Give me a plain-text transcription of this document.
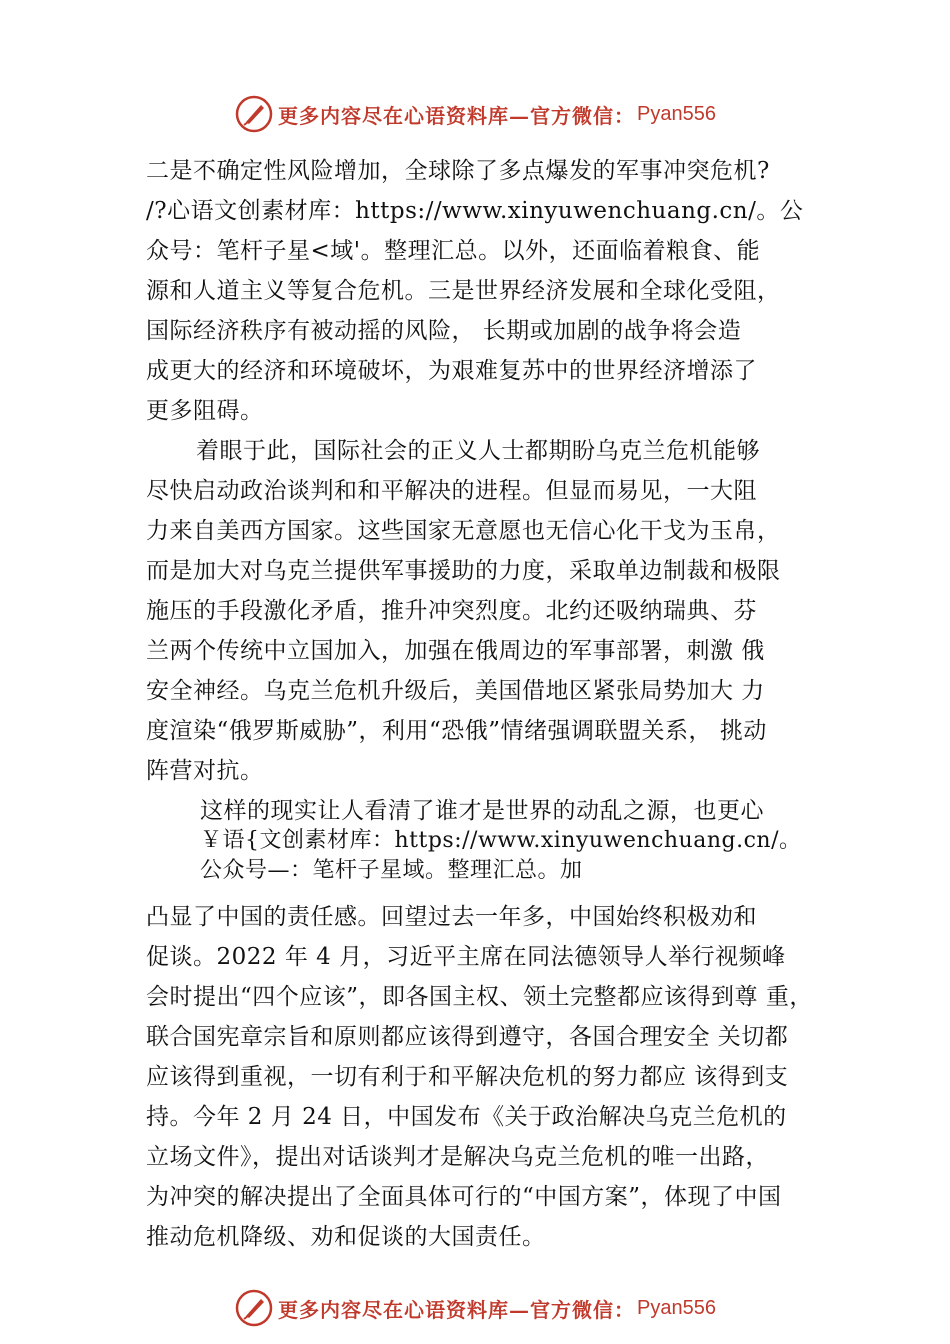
更多内容尽在心语资料库—官方微信： Pyan556
二是不确定性风险增加，全球除了多点爆发的军事冲突危机?
/?心语文创素材库：https://www.xinyuwenchuang.cn/。公
众号：笔杆子星<域'。整理汇总。以外，还面临着粮食、能
源和人道主义等复合危机。三是世界经济发展和全球化受阻，
国际经济秩序有被动摇的风险， 长期或加剧的战争将会造
成更大的经济和环境破坏，为艰难复苏中的世界经济增添了
更多阻碍。
着眼于此，国际社会的正义人士都期盼乌克兰危机能够
尽快启动政治谈判和和平解决的进程。但显而易见，一大阻
力来自美西方国家。这些国家无意愿也无信心化干戈为玉帛，
而是加大对乌克兰提供军事援助的力度，采取单边制裁和极限
施压的手段激化矛盾，推升冲突烈度。北约还吸纳瑞典、芬
兰两个传统中立国加入，加强在俄周边的军事部署，刺激 俄
安全神经。乌克兰危机升级后，美国借地区紧张局势加大 力
度渲染“俄罗斯威胁”，利用“恐俄”情绪强调联盟关系， 挑动
阵营对抗。
这样的现实让人看清了谁才是世界的动乱之源，也更心
￥语{文创素材库：https://www.xinyuwenchuang.cn/。
公众号—：笔杆子星域。整理汇总。加
凸显了中国的责任感。回望过去一年多，中国始终积极劝和
促谈。2022 年 4 月，习近平主席在同法德领导人举行视频峰
会时提出“四个应该”，即各国主权、领土完整都应该得到尊 重，
联合国宪章宗旨和原则都应该得到遵守，各国合理安全 关切都
应该得到重视，一切有利于和平解决危机的努力都应 该得到支
持。今年 2 月 24 日，中国发布《关于政治解决乌克兰危机的
立场文件》，提出对话谈判才是解决乌克兰危机的唯一出路，
为冲突的解决提出了全面具体可行的“中国方案”，体现了中国
推动危机降级、劝和促谈的大国责任。
更多内容尽在心语资料库—官方微信： Pyan556
